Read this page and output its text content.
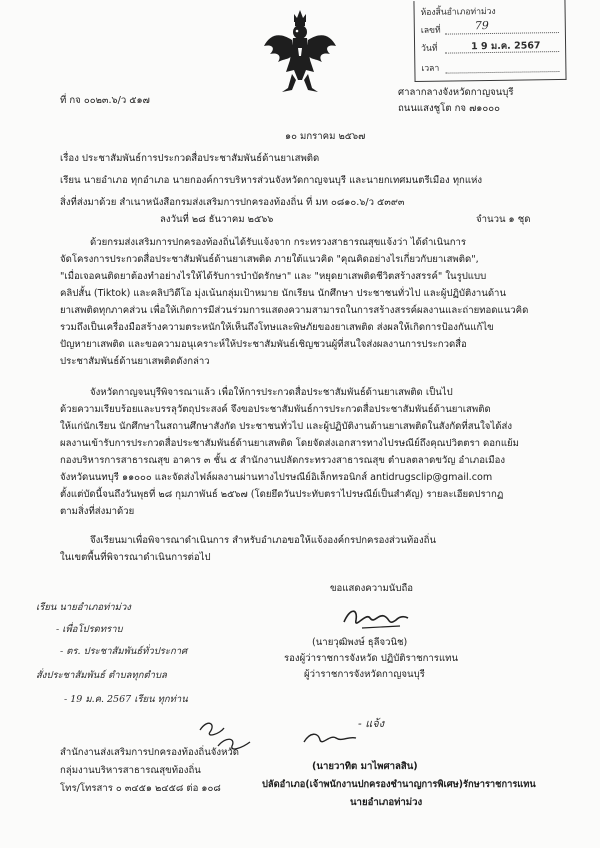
ห้องสิ้นอำเภอท่าม่วง
เลขที่	79
วันที่	1 9 ม.ค. 2567
เวลา
ที่ กจ ๐๐๒๓.๖/ว ๕๑๗
ศาลากลางจังหวัดกาญจนบุรี
ถนนแสงชูโต กจ ๗๑๐๐๐
๑๐ มกราคม ๒๕๖๗
เรื่อง ประชาสัมพันธ์การประกวดสื่อประชาสัมพันธ์ด้านยาเสพติด
เรียน นายอำเภอ ทุกอำเภอ นายกองค์การบริหารส่วนจังหวัดกาญจนบุรี และนายกเทศมนตรีเมือง ทุกแห่ง
สิ่งที่ส่งมาด้วย สำเนาหนังสือกรมส่งเสริมการปกครองท้องถิ่น ที่ มท ๐๘๑๐.๖/ว ๕๓๙๓
ลงวันที่ ๒๘ ธันวาคม ๒๕๖๖	จำนวน ๑ ชุด
ด้วยกรมส่งเสริมการปกครองท้องถิ่นได้รับแจ้งจาก กระทรวงสาธารณสุขแจ้งว่า ได้ดำเนินการ
จัดโครงการประกวดสื่อประชาสัมพันธ์ด้านยาเสพติด ภายใต้แนวคิด "คุณคิดอย่างไรเกี่ยวกับยาเสพติด",
"เมื่อเจอคนติดยาต้องทำอย่างไรให้ได้รับการบำบัดรักษา" และ "หยุดยาเสพติดชีวิตสร้างสรรค์" ในรูปแบบ
คลิปสั้น (Tiktok) และคลิปวิดีโอ มุ่งเน้นกลุ่มเป้าหมาย นักเรียน นักศึกษา ประชาชนทั่วไป และผู้ปฏิบัติงานด้าน
ยาเสพติดทุกภาคส่วน เพื่อให้เกิดการมีส่วนร่วมการแสดงความสามารถในการสร้างสรรค์ผลงานและถ่ายทอดแนวคิด
รวมถึงเป็นเครื่องมือสร้างความตระหนักให้เห็นถึงโทษและพิษภัยของยาเสพติด ส่งผลให้เกิดการป้องกันแก้ไข
ปัญหายาเสพติด และขอความอนุเคราะห์ให้ประชาสัมพันธ์เชิญชวนผู้ที่สนใจส่งผลงานการประกวดสื่อ
ประชาสัมพันธ์ด้านยาเสพติดดังกล่าว
จังหวัดกาญจนบุรีพิจารณาแล้ว เพื่อให้การประกวดสื่อประชาสัมพันธ์ด้านยาเสพติด เป็นไป
ด้วยความเรียบร้อยและบรรลุวัตถุประสงค์ จึงขอประชาสัมพันธ์การประกวดสื่อประชาสัมพันธ์ด้านยาเสพติด
ให้แก่นักเรียน นักศึกษาในสถานศึกษาสังกัด ประชาชนทั่วไป และผู้ปฏิบัติงานด้านยาเสพติดในสังกัดที่สนใจได้ส่ง
ผลงานเข้ารับการประกวดสื่อประชาสัมพันธ์ด้านยาเสพติด โดยจัดส่งเอกสารทางไปรษณีย์ถึงคุณปวิตตรา ดอกแย้ม
กองบริหารการสาธารณสุข อาคาร ๓ ชั้น ๕ สำนักงานปลัดกระทรวงสาธารณสุข ตำบลตลาดขวัญ อำเภอเมือง
จังหวัดนนทบุรี ๑๑๐๐๐ และจัดส่งไฟล์ผลงานผ่านทางไปรษณีย์อิเล็กทรอนิกส์ antidrugsclip@gmail.com
ตั้งแต่บัดนี้จนถึงวันพุธที่ ๒๘ กุมภาพันธ์ ๒๕๖๗ (โดยยึดวันประทับตราไปรษณีย์เป็นสำคัญ) รายละเอียดปรากฏ
ตามสิ่งที่ส่งมาด้วย
จึงเรียนมาเพื่อพิจารณาดำเนินการ สำหรับอำเภอขอให้แจ้งองค์กรปกครองส่วนท้องถิ่น
ในเขตพื้นที่พิจารณาดำเนินการต่อไป
ขอแสดงความนับถือ
(นายวุฒิพงษ์ ธุลีจวนิช)
รองผู้ว่าราชการจังหวัด ปฏิบัติราชการแทน
ผู้ว่าราชการจังหวัดกาญจนบุรี
เรียน นายอำเภอท่าม่วง
- เพื่อโปรดทราบ
- ตร. ประชาสัมพันธ์ทั่วประกาศ
สั่งประชาสัมพันธ์ ตำบลทุกตำบล
- 19 ม.ค. 2567 เรียน ทุกท่าน
- แจ้ง
สำนักงานส่งเสริมการปกครองท้องถิ่นจังหวัด
กลุ่มงานบริหารสาธารณสุขท้องถิ่น
โทร/โทรสาร ๐ ๓๔๕๑ ๒๔๕๘ ต่อ ๑๐๘
(นายวาทิต มาไพศาลสิน)
ปลัดอำเภอ(เจ้าพนักงานปกครองชำนาญการพิเศษ)รักษาราชการแทน
นายอำเภอท่าม่วง
